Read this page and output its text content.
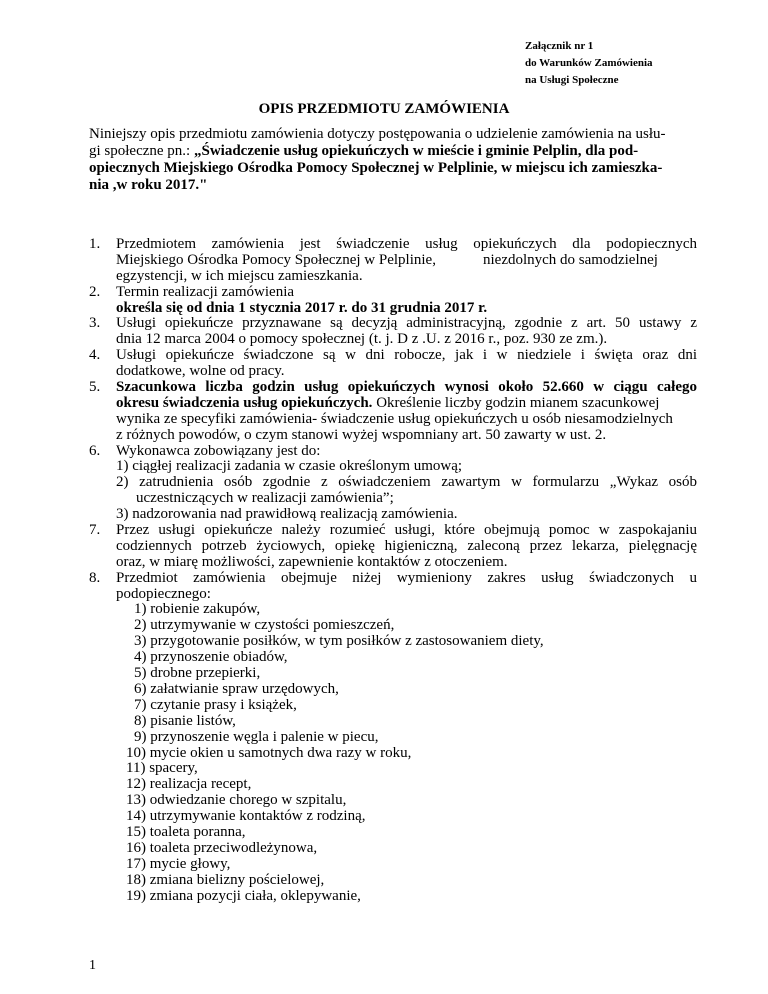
Załącznik nr 1
do Warunków Zamówienia
na Usługi Społeczne
OPIS PRZEDMIOTU ZAMÓWIENIA
Niniejszy opis przedmiotu zamówienia dotyczy postępowania o udzielenie zamówienia na usłu-
gi społeczne pn.: „Świadczenie usług opiekuńczych w mieście i gminie Pelplin, dla pod-
opiecznych Miejskiego Ośrodka Pomocy Społecznej w Pelplinie, w miejscu ich zamieszka-
nia ,w roku 2017."
1. Przedmiotem zamówienia jest świadczenie usług opiekuńczych dla podopiecznych
Miejskiego Ośrodka Pomocy Społecznej w Pelplinie,	niezdolnych do samodzielnej
egzystencji, w ich miejscu zamieszkania.
2. Termin realizacji zamówienia
określa się od dnia 1 stycznia 2017 r. do 31 grudnia 2017 r.
3. Usługi opiekuńcze przyznawane są decyzją administracyjną, zgodnie z art. 50 ustawy z
dnia 12 marca 2004 o pomocy społecznej (t. j. D z .U. z 2016 r., poz. 930 ze zm.).
4. Usługi opiekuńcze świadczone są w dni robocze, jak i w niedziele i święta oraz dni
dodatkowe, wolne od pracy.
5. Szacunkowa liczba godzin usług opiekuńczych wynosi około 52.660 w ciągu całego
okresu świadczenia usług opiekuńczych. Określenie liczby godzin mianem szacunkowej
wynika ze specyfiki zamówienia- świadczenie usług opiekuńczych u osób niesamodzielnych
z różnych powodów, o czym stanowi wyżej wspomniany art. 50 zawarty w ust. 2.
6. Wykonawca zobowiązany jest do:
1) ciągłej realizacji zadania w czasie określonym umową;
2) zatrudnienia osób zgodnie z oświadczeniem zawartym w formularzu „Wykaz osób
uczestniczących w realizacji zamówienia”;
3) nadzorowania nad prawidłową realizacją zamówienia.
7. Przez usługi opiekuńcze należy rozumieć usługi, które obejmują pomoc w zaspokajaniu
codziennych potrzeb życiowych, opiekę higieniczną, zaleconą przez lekarza, pielęgnację
oraz, w miarę możliwości, zapewnienie kontaktów z otoczeniem.
8. Przedmiot zamówienia obejmuje niżej wymieniony zakres usług świadczonych u
podopiecznego:
1) robienie zakupów,
2) utrzymywanie w czystości pomieszczeń,
3) przygotowanie posiłków, w tym posiłków z zastosowaniem diety,
4) przynoszenie obiadów,
5) drobne przepierki,
6) załatwianie spraw urzędowych,
7) czytanie prasy i książek,
8) pisanie listów,
9) przynoszenie węgla i palenie w piecu,
10) mycie okien u samotnych dwa razy w roku,
11) spacery,
12) realizacja recept,
13) odwiedzanie chorego w szpitalu,
14) utrzymywanie kontaktów z rodziną,
15) toaleta poranna,
16) toaleta przeciwodleżynowa,
17) mycie głowy,
18) zmiana bielizny pościelowej,
19) zmiana pozycji ciała, oklepywanie,
1
